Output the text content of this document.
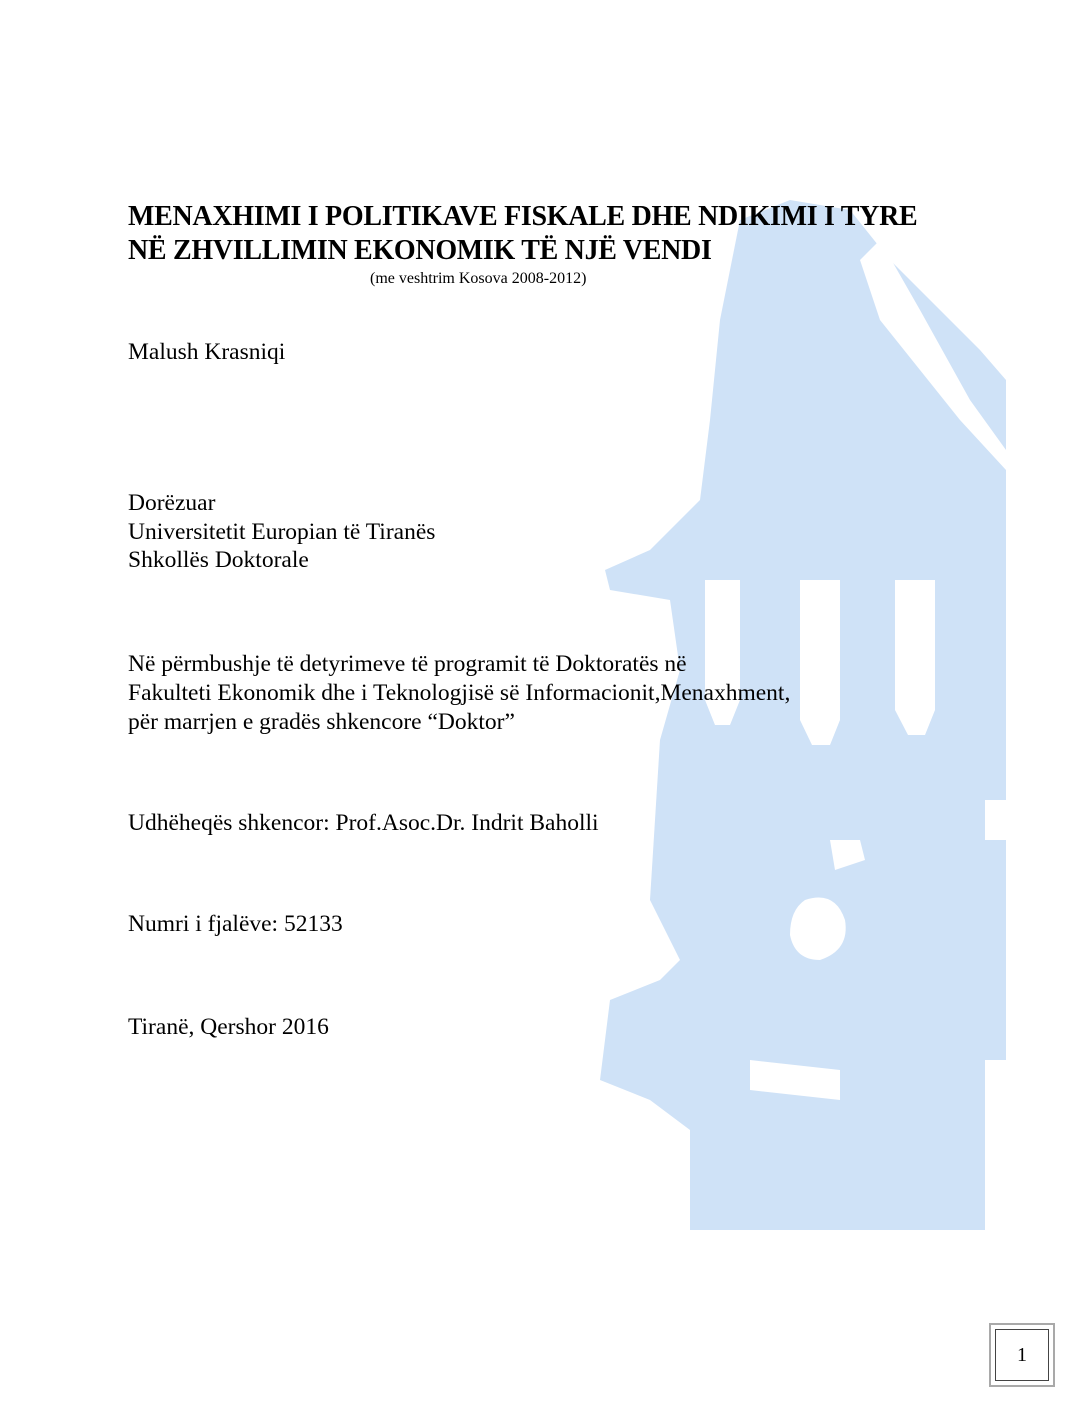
MENAXHIMI I POLITIKAVE FISKALE DHE NDIKIMI I TYRE
NË ZHVILLIMIN EKONOMIK TË NJË VENDI
(me veshtrim Kosova 2008-2012)
Malush Krasniqi
Dorëzuar
Universitetit Europian të Tiranës
Shkollës Doktorale
Në përmbushje të detyrimeve të programit të Doktoratës në
Fakulteti Ekonomik dhe i Teknologjisë së Informacionit,Menaxhment,
për marrjen e gradës shkencore “Doktor”
Udhëheqës shkencor: Prof.Asoc.Dr. Indrit Baholli
Numri i fjalëve: 52133
Tiranë, Qershor 2016
1
